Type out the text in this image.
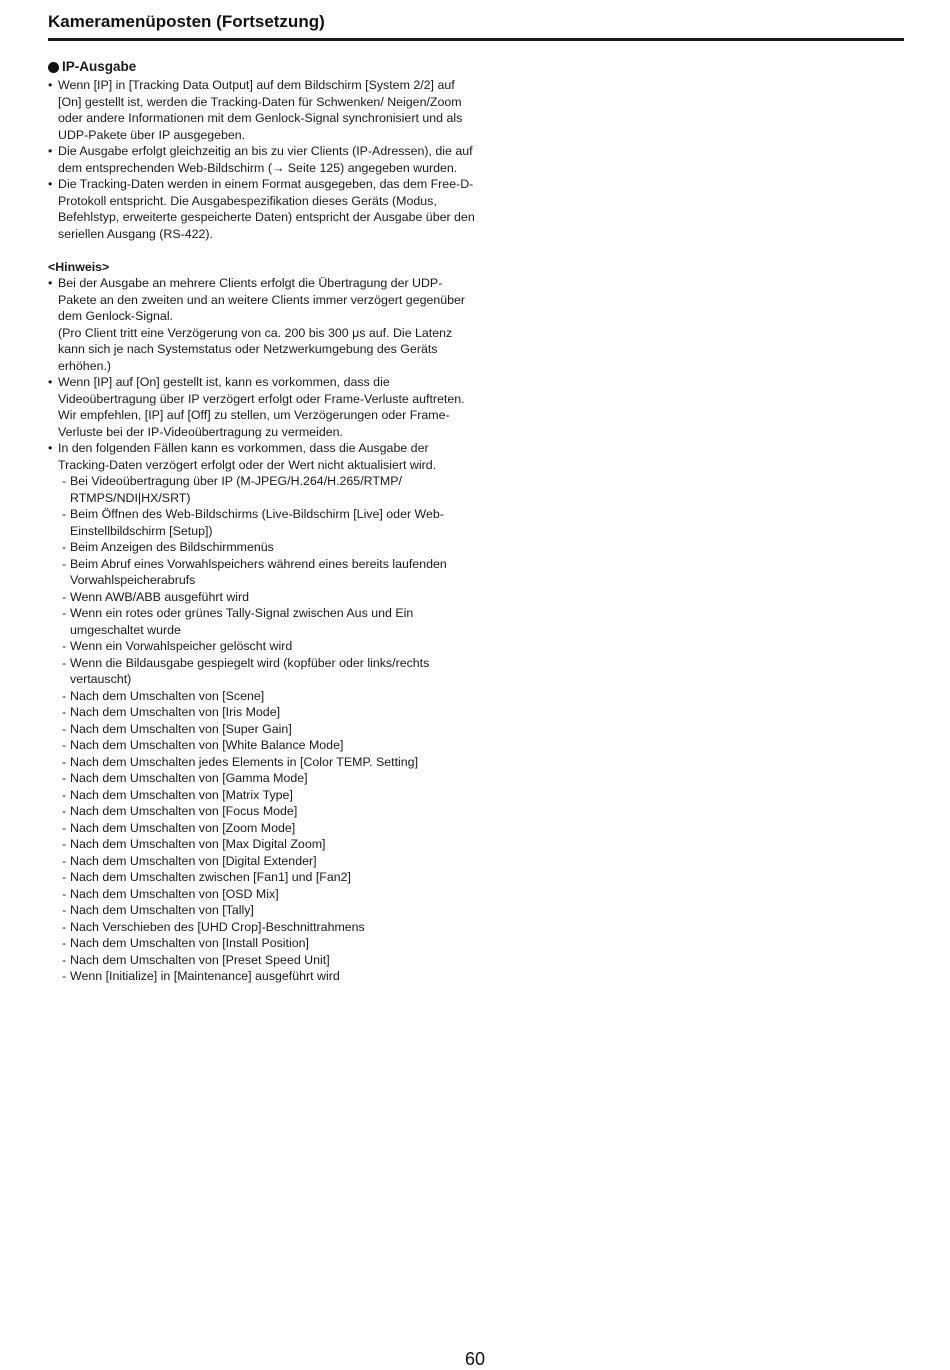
Kameramenüposten (Fortsetzung)
IP-Ausgabe
• Wenn [IP] in [Tracking Data Output] auf dem Bildschirm [System 2/2] auf [On] gestellt ist, werden die Tracking-Daten für Schwenken/ Neigen/Zoom oder andere Informationen mit dem Genlock-Signal synchronisiert und als UDP-Pakete über IP ausgegeben.
• Die Ausgabe erfolgt gleichzeitig an bis zu vier Clients (IP-Adressen), die auf dem entsprechenden Web-Bildschirm (→ Seite 125) angegeben wurden.
• Die Tracking-Daten werden in einem Format ausgegeben, das dem Free-D-Protokoll entspricht. Die Ausgabespezifikation dieses Geräts (Modus, Befehlstyp, erweiterte gespeicherte Daten) entspricht der Ausgabe über den seriellen Ausgang (RS-422).
<Hinweis>
• Bei der Ausgabe an mehrere Clients erfolgt die Übertragung der UDP-Pakete an den zweiten und an weitere Clients immer verzögert gegenüber dem Genlock-Signal.
(Pro Client tritt eine Verzögerung von ca. 200 bis 300 μs auf. Die Latenz kann sich je nach Systemstatus oder Netzwerkumgebung des Geräts erhöhen.)
• Wenn [IP] auf [On] gestellt ist, kann es vorkommen, dass die Videoübertragung über IP verzögert erfolgt oder Frame-Verluste auftreten.
Wir empfehlen, [IP] auf [Off] zu stellen, um Verzögerungen oder Frame-Verluste bei der IP-Videoübertragung zu vermeiden.
• In den folgenden Fällen kann es vorkommen, dass die Ausgabe der Tracking-Daten verzögert erfolgt oder der Wert nicht aktualisiert wird.
- Bei Videoübertragung über IP (M-JPEG/H.264/H.265/RTMP/ RTMPS/NDI|HX/SRT)
- Beim Öffnen des Web-Bildschirms (Live-Bildschirm [Live] oder Web-Einstellbildschirm [Setup])
- Beim Anzeigen des Bildschirmmenüs
- Beim Abruf eines Vorwahlspeichers während eines bereits laufenden Vorwahlspeicherabrufs
- Wenn AWB/ABB ausgeführt wird
- Wenn ein rotes oder grünes Tally-Signal zwischen Aus und Ein umgeschaltet wurde
- Wenn ein Vorwahlspeicher gelöscht wird
- Wenn die Bildausgabe gespiegelt wird (kopfüber oder links/rechts vertauscht)
- Nach dem Umschalten von [Scene]
- Nach dem Umschalten von [Iris Mode]
- Nach dem Umschalten von [Super Gain]
- Nach dem Umschalten von [White Balance Mode]
- Nach dem Umschalten jedes Elements in [Color TEMP. Setting]
- Nach dem Umschalten von [Gamma Mode]
- Nach dem Umschalten von [Matrix Type]
- Nach dem Umschalten von [Focus Mode]
- Nach dem Umschalten von [Zoom Mode]
- Nach dem Umschalten von [Max Digital Zoom]
- Nach dem Umschalten von [Digital Extender]
- Nach dem Umschalten zwischen [Fan1] und [Fan2]
- Nach dem Umschalten von [OSD Mix]
- Nach dem Umschalten von [Tally]
- Nach Verschieben des [UHD Crop]-Beschnittrahmens
- Nach dem Umschalten von [Install Position]
- Nach dem Umschalten von [Preset Speed Unit]
- Wenn [Initialize] in [Maintenance] ausgeführt wird
60
